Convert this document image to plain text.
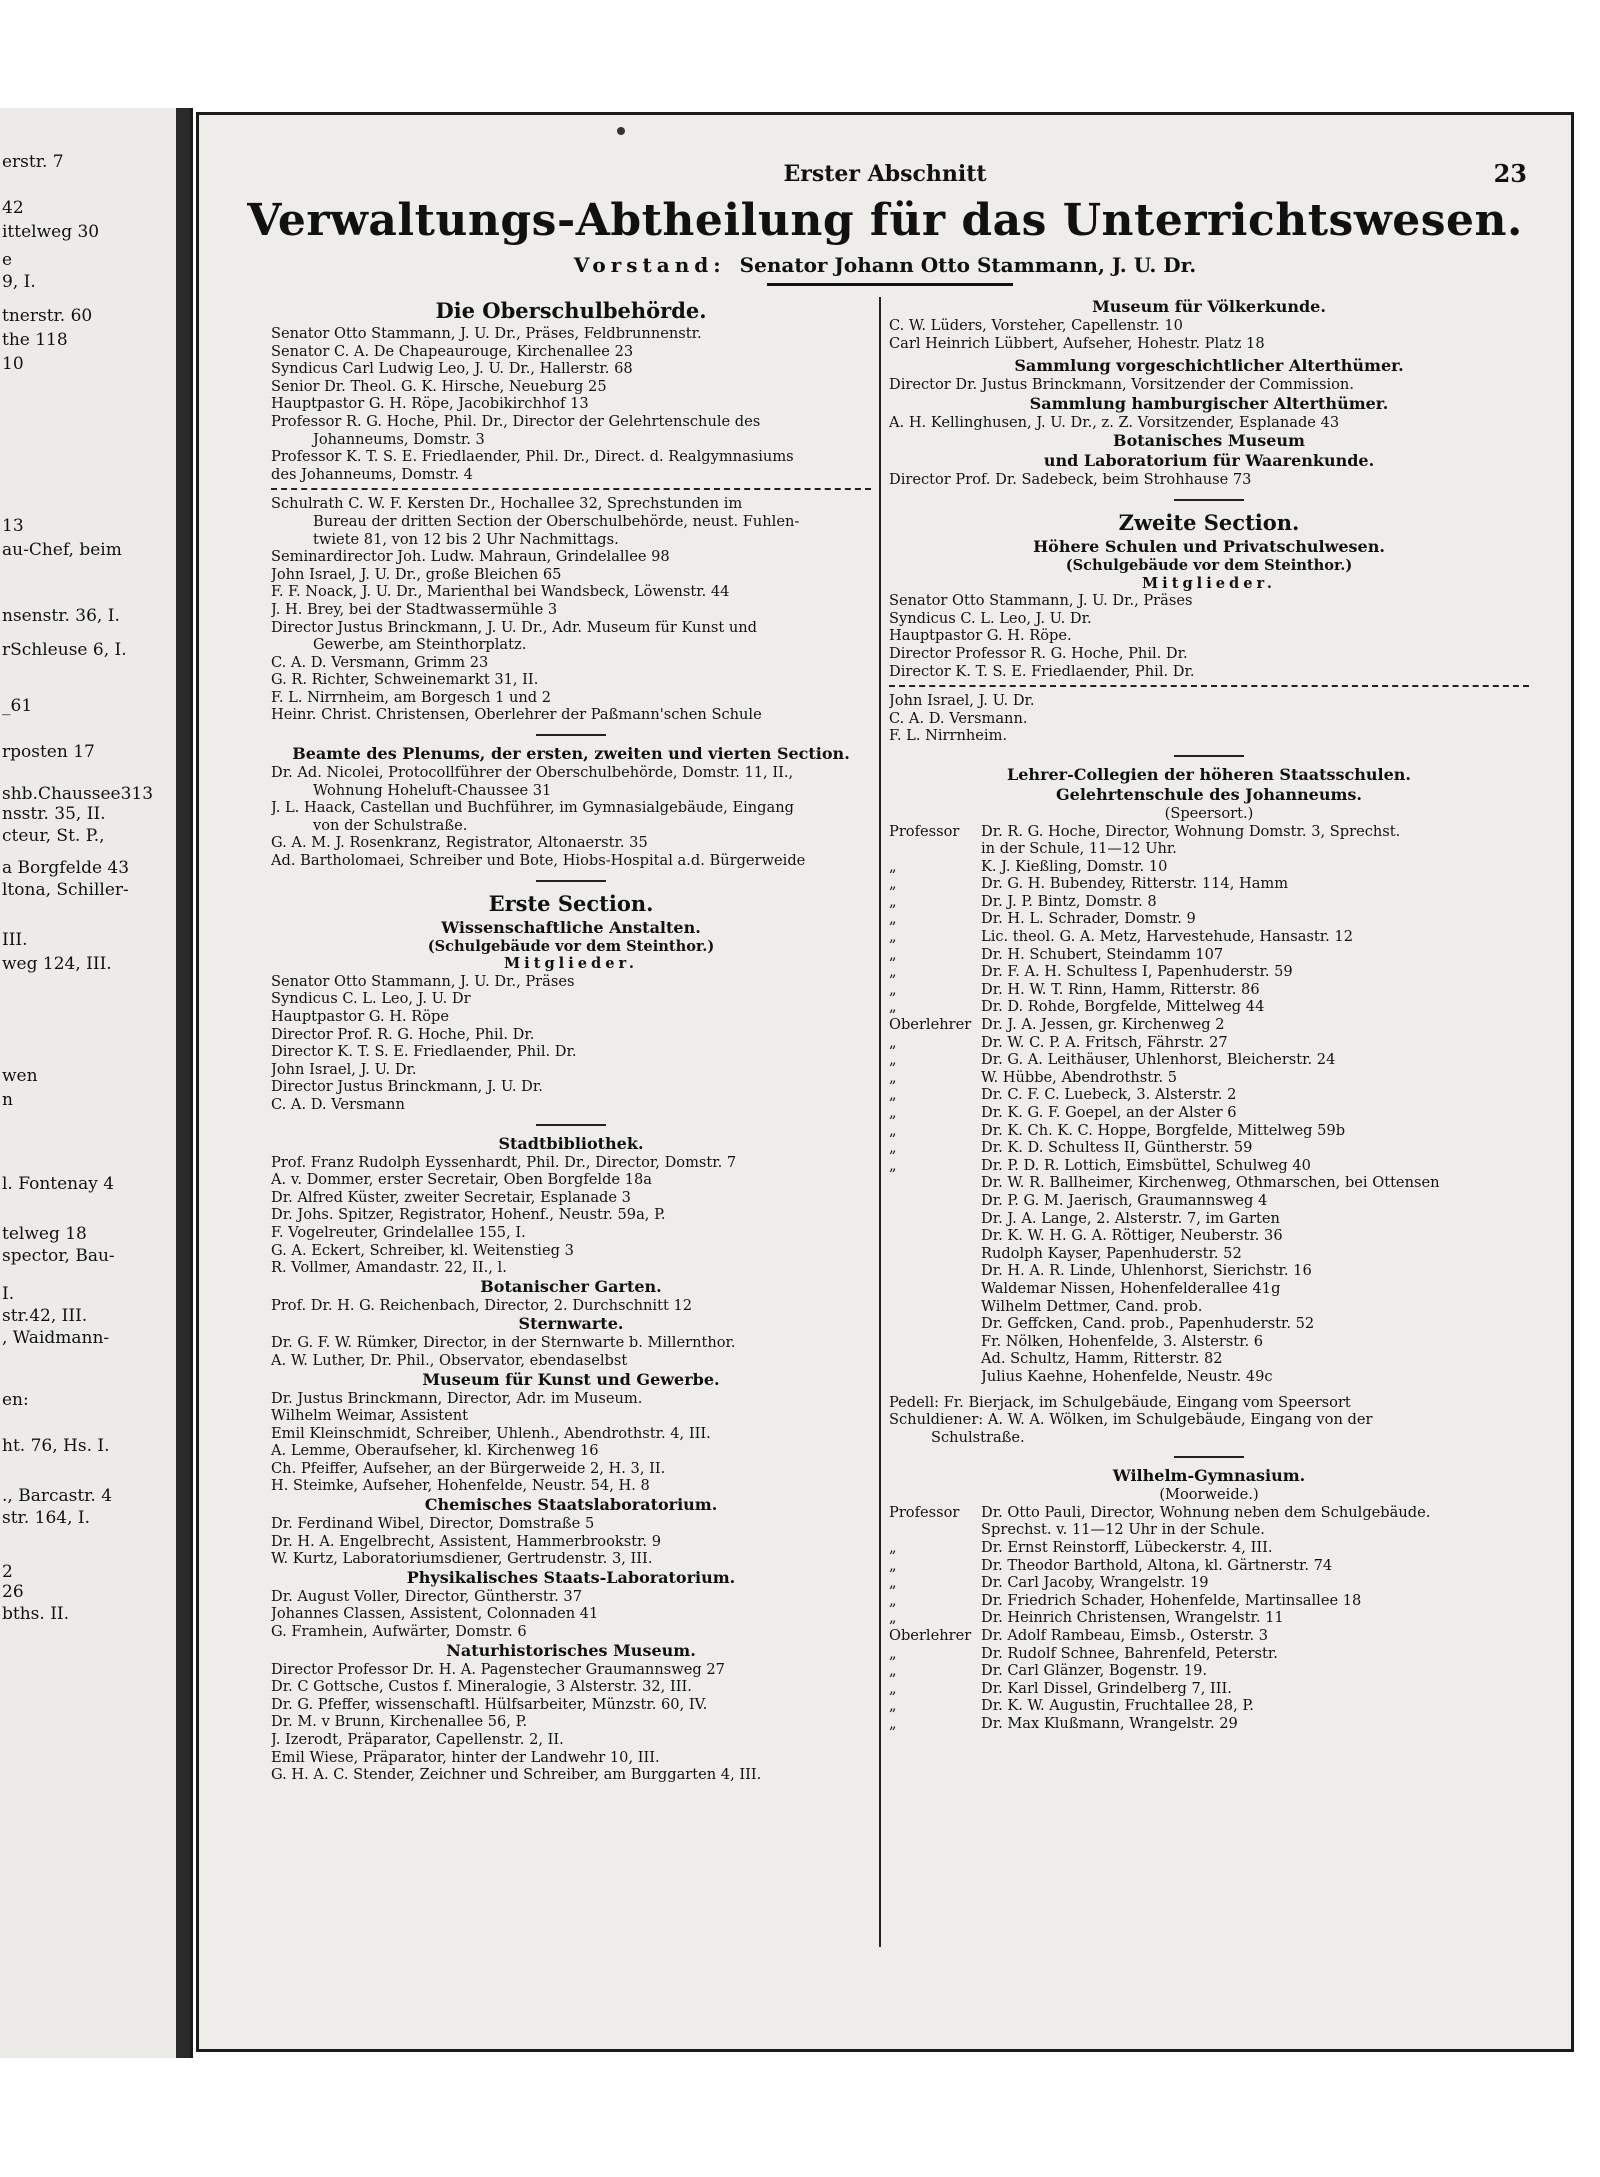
erstr. 7
42
ittelweg 30
e
9, I.
tnerstr. 60
the 118
10
13
au-Chef, beim
nsenstr. 36, I.
rSchleuse 6, I.
_61
rposten 17
shb.Chaussee313
nsstr. 35, II.
cteur, St. P.,
a Borgfelde 43
ltona, Schiller-
III.
weg 124, III.
wen
n
l. Fontenay 4
telweg 18
spector, Bau-
I.
str.42, III.
, Waidmann-
en:
ht. 76, Hs. I.
., Barcastr. 4
str. 164, I.
2
26
bths. II.
Erster Abschnitt	23
Verwaltungs-Abtheilung für das Unterrichtswesen.
Vorstand: Senator Johann Otto Stammann, J. U. Dr.
Die Oberschulbehörde.
Senator Otto Stammann, J. U. Dr., Präses, Feldbrunnenstr.
Senator C. A. De Chapeaurouge, Kirchenallee 23
Syndicus Carl Ludwig Leo, J. U. Dr., Hallerstr. 68
Senior Dr. Theol. G. K. Hirsche, Neueburg 25
Hauptpastor G. H. Röpe, Jacobikirchhof 13
Professor R. G. Hoche, Phil. Dr., Director der Gelehrtenschule des
Johanneums, Domstr. 3
Professor K. T. S. E. Friedlaender, Phil. Dr., Direct. d. Realgymnasiums
des Johanneums, Domstr. 4
Schulrath C. W. F. Kersten Dr., Hochallee 32, Sprechstunden im
Bureau der dritten Section der Oberschulbehörde, neust. Fuhlen-
twiete 81, von 12 bis 2 Uhr Nachmittags.
Seminardirector Joh. Ludw. Mahraun, Grindelallee 98
John Israel, J. U. Dr., große Bleichen 65
F. F. Noack, J. U. Dr., Marienthal bei Wandsbeck, Löwenstr. 44
J. H. Brey, bei der Stadtwassermühle 3
Director Justus Brinckmann, J. U. Dr., Adr. Museum für Kunst und
Gewerbe, am Steinthorplatz.
C. A. D. Versmann, Grimm 23
G. R. Richter, Schweinemarkt 31, II.
F. L. Nirrnheim, am Borgesch 1 und 2
Heinr. Christ. Christensen, Oberlehrer der Paßmann'schen Schule
Beamte des Plenums, der ersten, zweiten und vierten Section.
Dr. Ad. Nicolei, Protocollführer der Oberschulbehörde, Domstr. 11, II.,
Wohnung Hoheluft-Chaussee 31
J. L. Haack, Castellan und Buchführer, im Gymnasialgebäude, Eingang
von der Schulstraße.
G. A. M. J. Rosenkranz, Registrator, Altonaerstr. 35
Ad. Bartholomaei, Schreiber und Bote, Hiobs-Hospital a.d. Bürgerweide
Erste Section.
Wissenschaftliche Anstalten.
(Schulgebäude vor dem Steinthor.)
Mitglieder.
Senator Otto Stammann, J. U. Dr., Präses
Syndicus C. L. Leo, J. U. Dr
Hauptpastor G. H. Röpe
Director Prof. R. G. Hoche, Phil. Dr.
Director K. T. S. E. Friedlaender, Phil. Dr.
John Israel, J. U. Dr.
Director Justus Brinckmann, J. U. Dr.
C. A. D. Versmann
Stadtbibliothek.
Prof. Franz Rudolph Eyssenhardt, Phil. Dr., Director, Domstr. 7
A. v. Dommer, erster Secretair, Oben Borgfelde 18a
Dr. Alfred Küster, zweiter Secretair, Esplanade 3
Dr. Johs. Spitzer, Registrator, Hohenf., Neustr. 59a, P.
F. Vogelreuter, Grindelallee 155, I.
G. A. Eckert, Schreiber, kl. Weitenstieg 3
R. Vollmer, Amandastr. 22, II., l.
Botanischer Garten.
Prof. Dr. H. G. Reichenbach, Director, 2. Durchschnitt 12
Sternwarte.
Dr. G. F. W. Rümker, Director, in der Sternwarte b. Millernthor.
A. W. Luther, Dr. Phil., Observator, ebendaselbst
Museum für Kunst und Gewerbe.
Dr. Justus Brinckmann, Director, Adr. im Museum.
Wilhelm Weimar, Assistent
Emil Kleinschmidt, Schreiber, Uhlenh., Abendrothstr. 4, III.
A. Lemme, Oberaufseher, kl. Kirchenweg 16
Ch. Pfeiffer, Aufseher, an der Bürgerweide 2, H. 3, II.
H. Steimke, Aufseher, Hohenfelde, Neustr. 54, H. 8
Chemisches Staatslaboratorium.
Dr. Ferdinand Wibel, Director, Domstraße 5
Dr. H. A. Engelbrecht, Assistent, Hammerbrookstr. 9
W. Kurtz, Laboratoriumsdiener, Gertrudenstr. 3, III.
Physikalisches Staats-Laboratorium.
Dr. August Voller, Director, Güntherstr. 37
Johannes Classen, Assistent, Colonnaden 41
G. Framhein, Aufwärter, Domstr. 6
Naturhistorisches Museum.
Director Professor Dr. H. A. Pagenstecher Graumannsweg 27
Dr. C Gottsche, Custos f. Mineralogie, 3 Alsterstr. 32, III.
Dr. G. Pfeffer, wissenschaftl. Hülfsarbeiter, Münzstr. 60, IV.
Dr. M. v Brunn, Kirchenallee 56, P.
J. Izerodt, Präparator, Capellenstr. 2, II.
Emil Wiese, Präparator, hinter der Landwehr 10, III.
G. H. A. C. Stender, Zeichner und Schreiber, am Burggarten 4, III.
Museum für Völkerkunde.
C. W. Lüders, Vorsteher, Capellenstr. 10
Carl Heinrich Lübbert, Aufseher, Hohestr. Platz 18
Sammlung vorgeschichtlicher Alterthümer.
Director Dr. Justus Brinckmann, Vorsitzender der Commission.
Sammlung hamburgischer Alterthümer.
A. H. Kellinghusen, J. U. Dr., z. Z. Vorsitzender, Esplanade 43
Botanisches Museum
und Laboratorium für Waarenkunde.
Director Prof. Dr. Sadebeck, beim Strohhause 73
Zweite Section.
Höhere Schulen und Privatschulwesen.
(Schulgebäude vor dem Steinthor.)
Mitglieder.
Senator Otto Stammann, J. U. Dr., Präses
Syndicus C. L. Leo, J. U. Dr.
Hauptpastor G. H. Röpe.
Director Professor R. G. Hoche, Phil. Dr.
Director K. T. S. E. Friedlaender, Phil. Dr.
John Israel, J. U. Dr.
C. A. D. Versmann.
F. L. Nirrnheim.
Lehrer-Collegien der höheren Staatsschulen.
Gelehrtenschule des Johanneums.
(Speersort.)
Professor	Dr. R. G. Hoche, Director, Wohnung Domstr. 3, Sprechst.
in der Schule, 11—12 Uhr.
„	K. J. Kießling, Domstr. 10
„	Dr. G. H. Bubendey, Ritterstr. 114, Hamm
„	Dr. J. P. Bintz, Domstr. 8
„	Dr. H. L. Schrader, Domstr. 9
„	Lic. theol. G. A. Metz, Harvestehude, Hansastr. 12
„	Dr. H. Schubert, Steindamm 107
„	Dr. F. A. H. Schultess I, Papenhuderstr. 59
„	Dr. H. W. T. Rinn, Hamm, Ritterstr. 86
„	Dr. D. Rohde, Borgfelde, Mittelweg 44
Oberlehrer Dr. J. A. Jessen, gr. Kirchenweg 2
„	Dr. W. C. P. A. Fritsch, Fährstr. 27
„	Dr. G. A. Leithäuser, Uhlenhorst, Bleicherstr. 24
„	W. Hübbe, Abendrothstr. 5
„	Dr. C. F. C. Luebeck, 3. Alsterstr. 2
„	Dr. K. G. F. Goepel, an der Alster 6
„	Dr. K. Ch. K. C. Hoppe, Borgfelde, Mittelweg 59b
„	Dr. K. D. Schultess II, Güntherstr. 59
„	Dr. P. D. R. Lottich, Eimsbüttel, Schulweg 40
Dr. W. R. Ballheimer, Kirchenweg, Othmarschen, bei Ottensen
Dr. P. G. M. Jaerisch, Graumannsweg 4
Dr. J. A. Lange, 2. Alsterstr. 7, im Garten
Dr. K. W. H. G. A. Röttiger, Neuberstr. 36
Rudolph Kayser, Papenhuderstr. 52
Dr. H. A. R. Linde, Uhlenhorst, Sierichstr. 16
Waldemar Nissen, Hohenfelderallee 41g
Wilhelm Dettmer, Cand. prob.
Dr. Geffcken, Cand. prob., Papenhuderstr. 52
Fr. Nölken, Hohenfelde, 3. Alsterstr. 6
Ad. Schultz, Hamm, Ritterstr. 82
Julius Kaehne, Hohenfelde, Neustr. 49c
Pedell: Fr. Bierjack, im Schulgebäude, Eingang vom Speersort
Schuldiener: A. W. A. Wölken, im Schulgebäude, Eingang von der
Schulstraße.
Wilhelm-Gymnasium.
(Moorweide.)
Professor	Dr. Otto Pauli, Director, Wohnung neben dem Schulgebäude.
Sprechst. v. 11—12 Uhr in der Schule.
„	Dr. Ernst Reinstorff, Lübeckerstr. 4, III.
„	Dr. Theodor Barthold, Altona, kl. Gärtnerstr. 74
„	Dr. Carl Jacoby, Wrangelstr. 19
„	Dr. Friedrich Schader, Hohenfelde, Martinsallee 18
„	Dr. Heinrich Christensen, Wrangelstr. 11
Oberlehrer Dr. Adolf Rambeau, Eimsb., Osterstr. 3
„	Dr. Rudolf Schnee, Bahrenfeld, Peterstr.
„	Dr. Carl Glänzer, Bogenstr. 19.
„	Dr. Karl Dissel, Grindelberg 7, III.
„	Dr. K. W. Augustin, Fruchtallee 28, P.
„	Dr. Max Klußmann, Wrangelstr. 29
